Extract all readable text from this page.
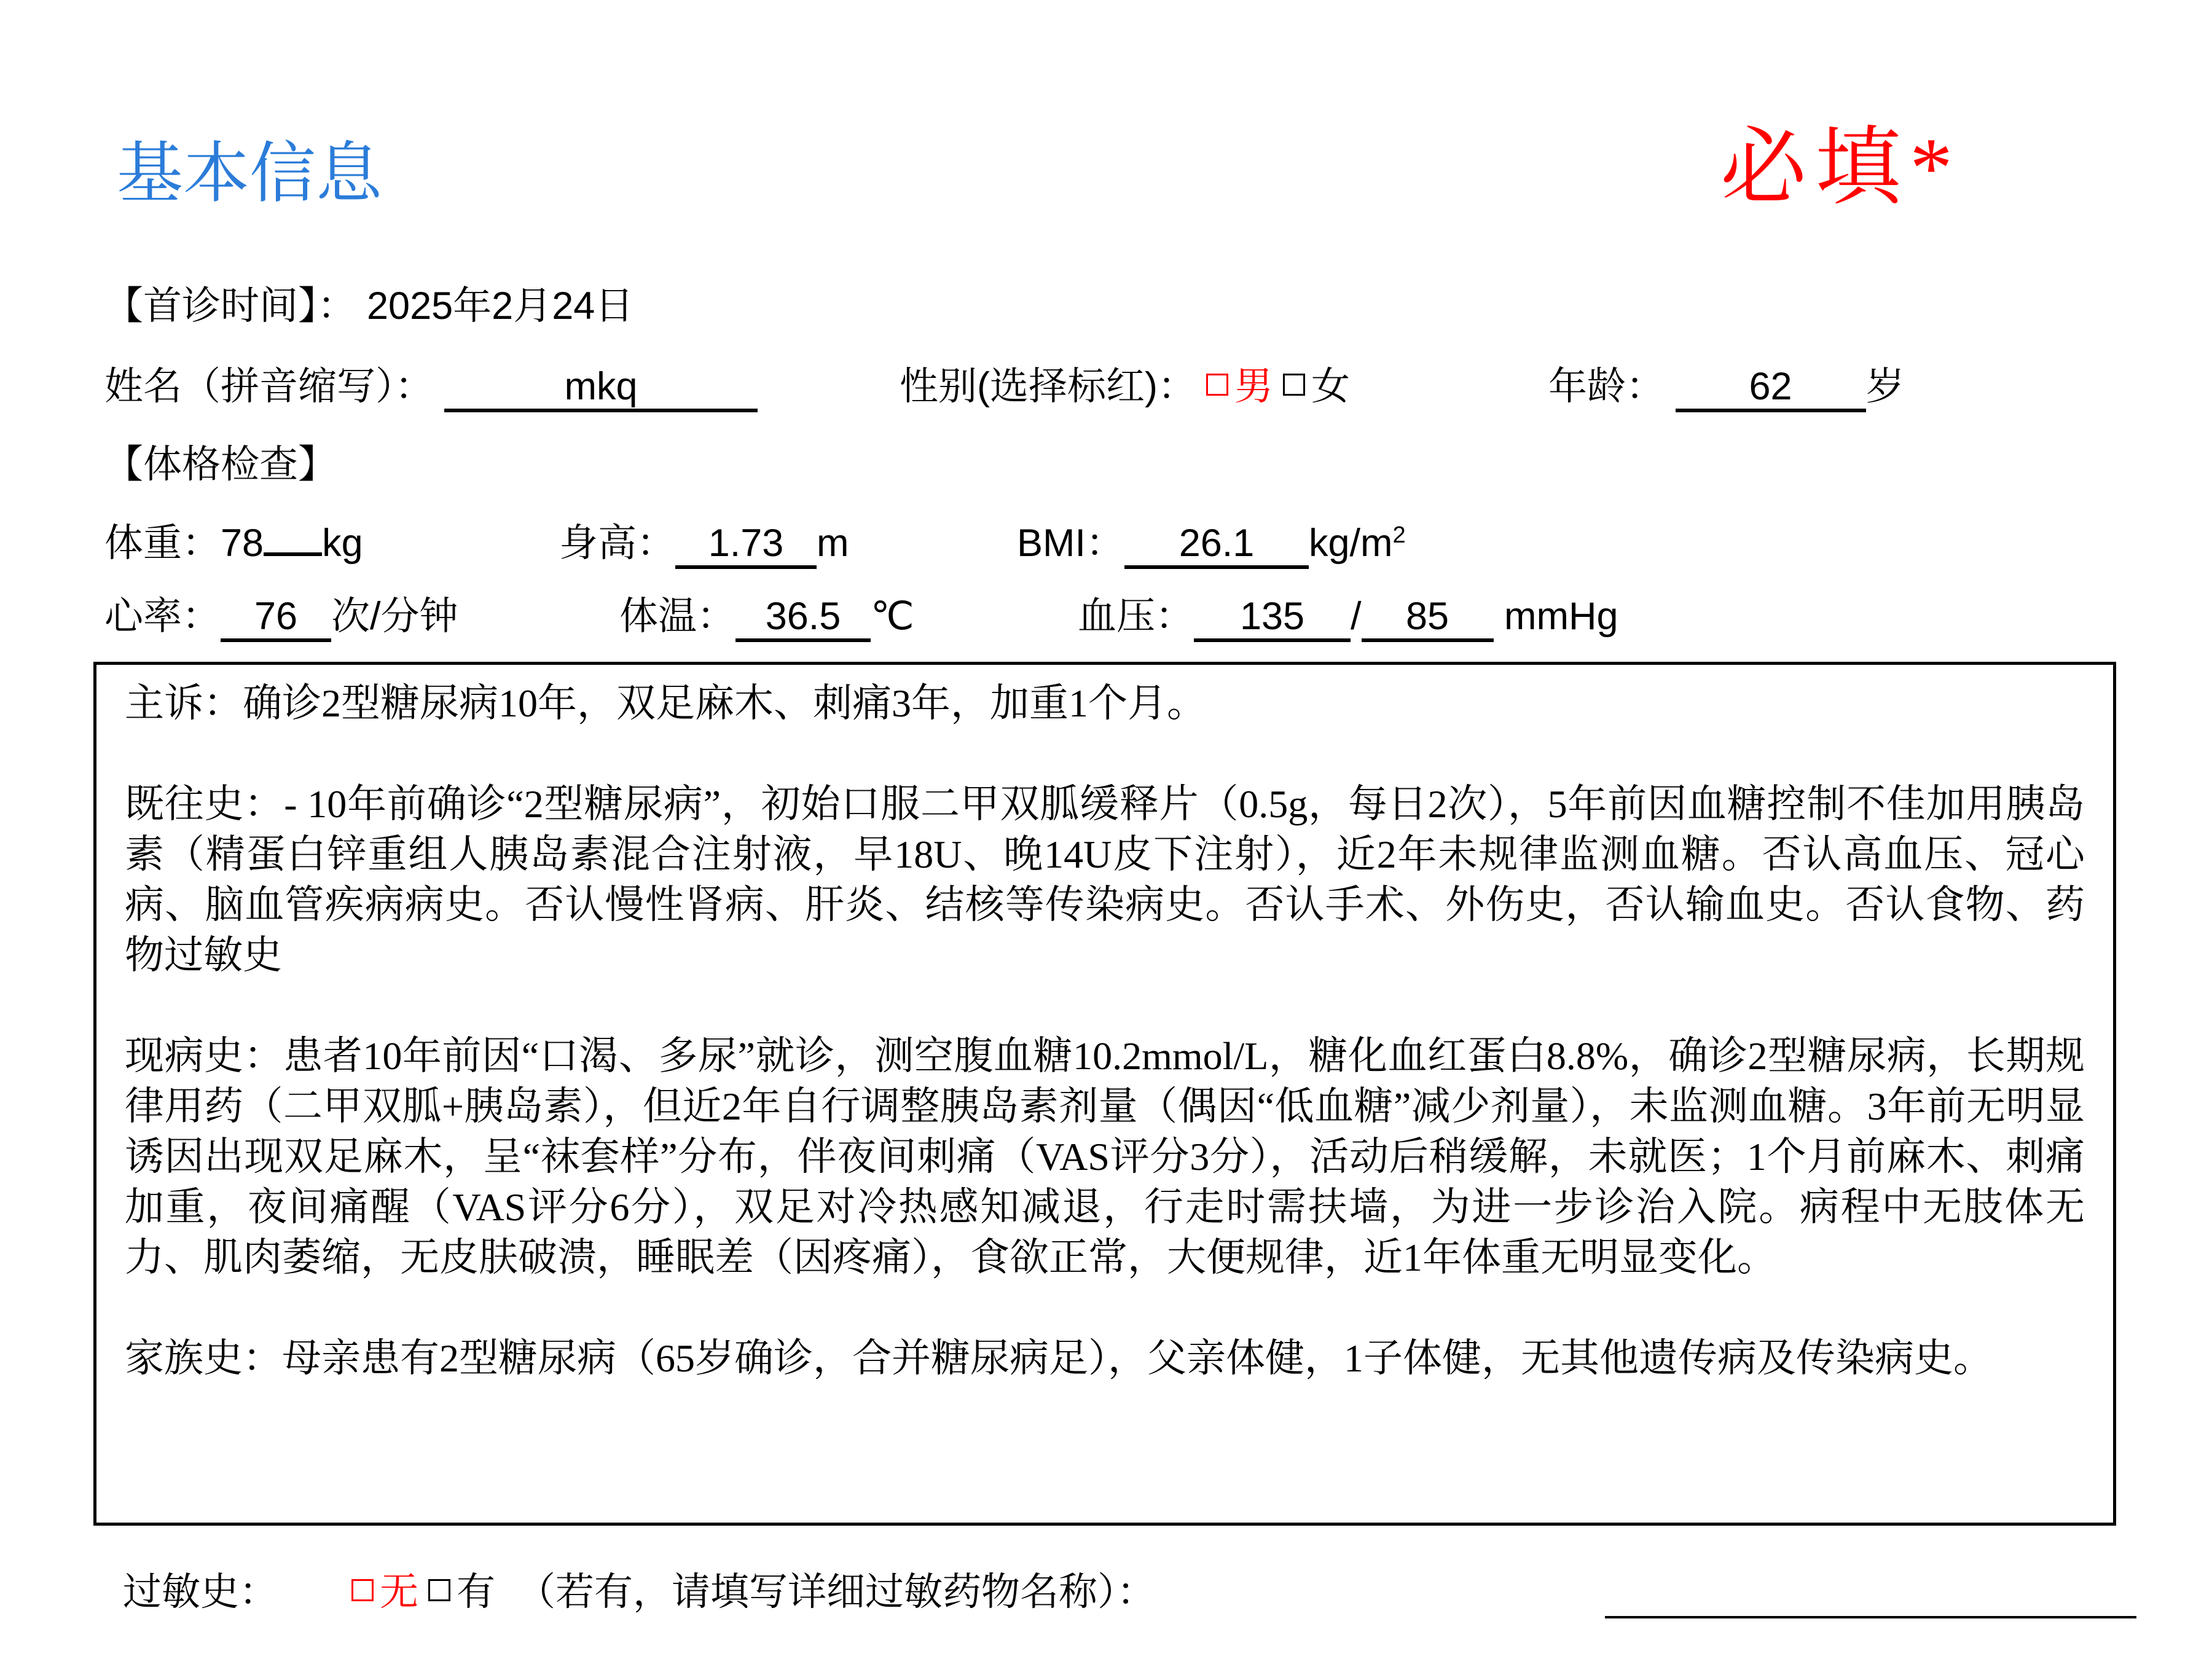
基本信息	必填*
【首诊时间】： 2025年2月24日
姓名（拼音缩写）：	mkq	性别(选择标红)： 男 女	年龄： 62 岁
【体格检查】
体重：78 kg	身高： 1.73 m	BMI： 26.1 $kg/m^2$
心率： 76 次/分钟	体温： 36.5 ℃	血压： 135 / 85 mmHg

主诉：确诊2型糖尿病10年，双足麻木、刺痛3年，加重1个月。

既往史：- 10年前确诊“2型糖尿病”，初始口服二甲双胍缓释片（0.5g，每日2次），5年前因血糖控制不佳加用胰岛素（精蛋白锌重组人胰岛素混合注射液，早18U、晚14U皮下注射），近2年未规律监测血糖。否认高血压、冠心病、脑血管疾病病史。否认慢性肾病、肝炎、结核等传染病史。否认手术、外伤史，否认输血史。否认食物、药物过敏史

现病史：患者10年前因“口渴、多尿”就诊，测空腹血糖10.2mmol/L，糖化血红蛋白8.8%，确诊2型糖尿病，长期规律用药（二甲双胍+胰岛素），但近2年自行调整胰岛素剂量（偶因“低血糖”减少剂量），未监测血糖。3年前无明显诱因出现双足麻木，呈“袜套样”分布，伴夜间刺痛（VAS评分3分），活动后稍缓解，未就医；1个月前麻木、刺痛加重，夜间痛醒（VAS评分6分），双足对冷热感知减退，行走时需扶墙，为进一步诊治入院。病程中无肢体无力、肌肉萎缩，无皮肤破溃，睡眠差（因疼痛），食欲正常，大便规律，近1年体重无明显变化。

家族史：母亲患有2型糖尿病（65岁确诊，合并糖尿病足），父亲体健，1子体健，无其他遗传病及传染病史。

过敏史：	无 有 （若有，请填写详细过敏药物名称）：
